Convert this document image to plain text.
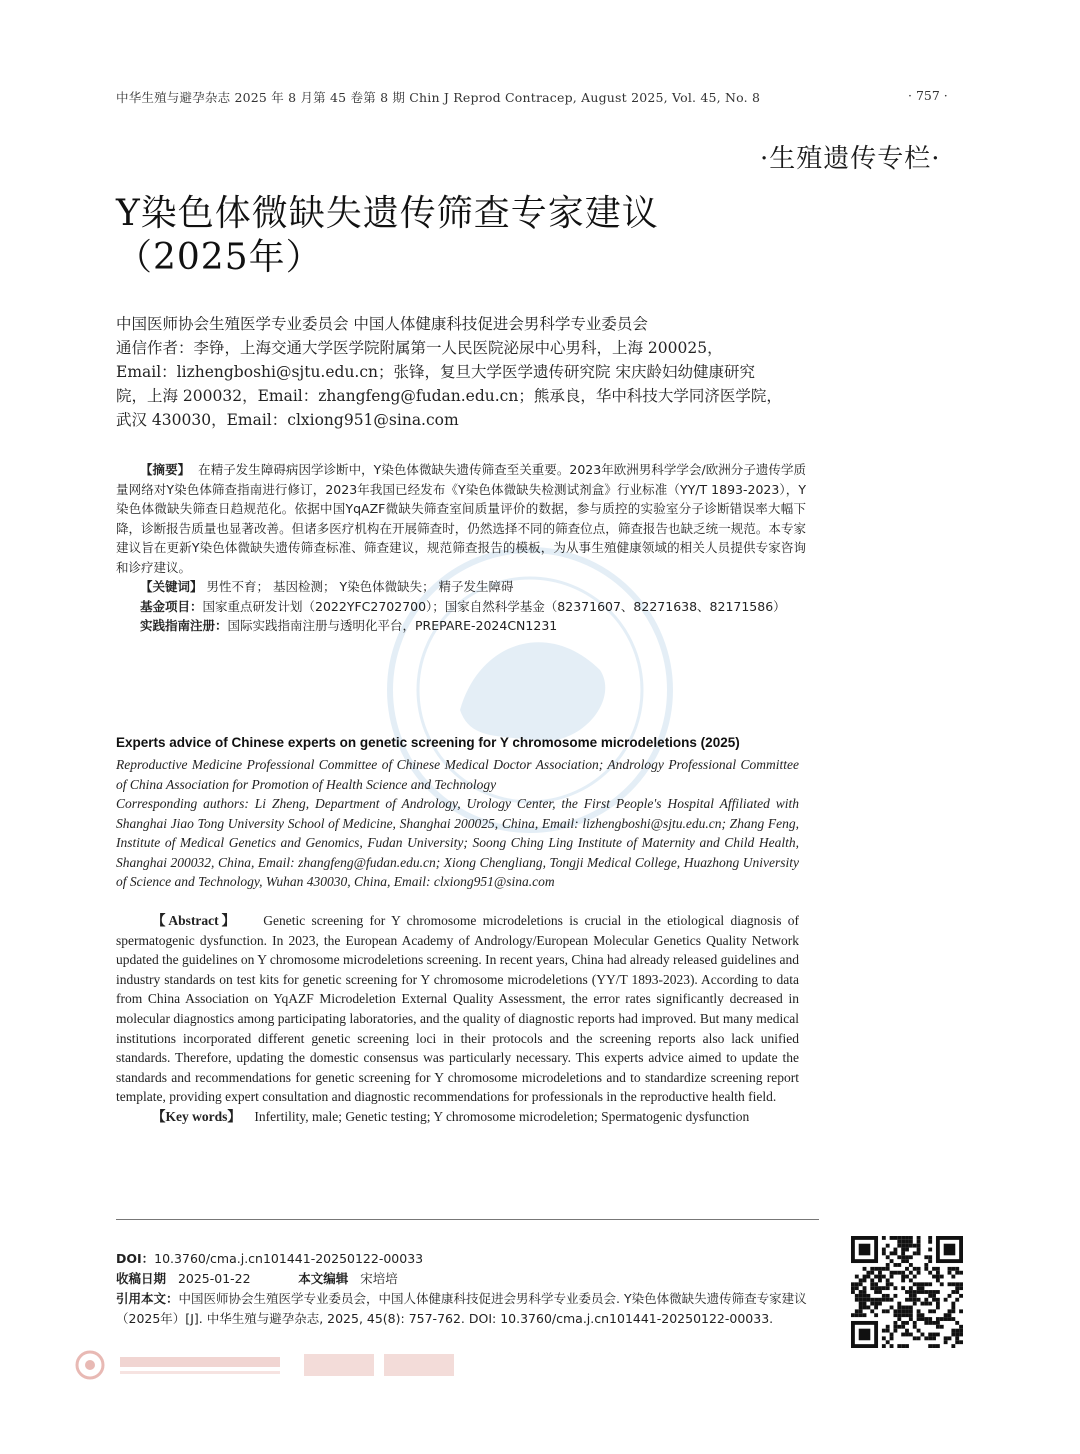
中华生殖与避孕杂志 2025 年 8 月第 45 卷第 8 期 Chin J Reprod Contracep, August 2025, Vol. 45, No. 8	· 757 ·
·生殖遗传专栏·
Y染色体微缺失遗传筛查专家建议
（2025年）
中国医师协会生殖医学专业委员会 中国人体健康科技促进会男科学专业委员会
通信作者：李铮，上海交通大学医学院附属第一人民医院泌尿中心男科，上海 200025，
Email：lizhengboshi@sjtu.edu.cn；张锋，复旦大学医学遗传研究院 宋庆龄妇幼健康研究
院，上海 200032，Email：zhangfeng@fudan.edu.cn；熊承良，华中科技大学同济医学院，
武汉 430030，Email：clxiong951@sina.com

【摘要】 在精子发生障碍病因学诊断中，Y染色体微缺失遗传筛查至关重要。2023年欧洲男科学学会/欧洲分子遗传学质量网络对Y染色体筛查指南进行修订，2023年我国已经发布《Y染色体微缺失检测试剂盒》行业标准（YY/T 1893-2023），Y染色体微缺失筛查日趋规范化。依据中国YqAZF微缺失筛查室间质量评价的数据，参与质控的实验室分子诊断错误率大幅下降，诊断报告质量也显著改善。但诸多医疗机构在开展筛查时，仍然选择不同的筛查位点，筛查报告也缺乏统一规范。本专家建议旨在更新Y染色体微缺失遗传筛查标准、筛查建议，规范筛查报告的模板，为从事生殖健康领域的相关人员提供专家咨询和诊疗建议。

【关键词】 男性不育； 基因检测； Y染色体微缺失； 精子发生障碍
基金项目：国家重点研发计划（2022YFC2702700）；国家自然科学基金（82371607、82271638、82171586）
实践指南注册：国际实践指南注册与透明化平台，PREPARE-2024CN1231
Experts advice of Chinese experts on genetic screening for Y chromosome microdeletions (2025)

Reproductive Medicine Professional Committee of Chinese Medical Doctor Association; Andrology Professional Committee of China Association for Promotion of Health Science and Technology

Corresponding authors: Li Zheng, Department of Andrology, Urology Center, the First People's Hospital Affiliated with Shanghai Jiao Tong University School of Medicine, Shanghai 200025, China, Email: lizhengboshi@sjtu.edu.cn; Zhang Feng, Institute of Medical Genetics and Genomics, Fudan University; Soong Ching Ling Institute of Maternity and Child Health, Shanghai 200032, China, Email: zhangfeng@fudan.edu.cn; Xiong Chengliang, Tongji Medical College, Huazhong University of Science and Technology, Wuhan 430030, China, Email: clxiong951@sina.com

【Abstract】 Genetic screening for Y chromosome microdeletions is crucial in the etiological diagnosis of spermatogenic dysfunction. In 2023, the European Academy of Andrology/European Molecular Genetics Quality Network updated the guidelines on Y chromosome microdeletions screening. In recent years, China had already released guidelines and industry standards on test kits for genetic screening for Y chromosome microdeletions (YY/T 1893-2023). According to data from China Association on YqAZF Microdeletion External Quality Assessment, the error rates significantly decreased in molecular diagnostics among participating laboratories, and the quality of diagnostic reports had improved. But many medical institutions incorporated different genetic screening loci in their protocols and the screening reports also lack unified standards. Therefore, updating the domestic consensus was particularly necessary. This experts advice aimed to update the standards and recommendations for genetic screening for Y chromosome microdeletions and to standardize screening report template, providing expert consultation and diagnostic recommendations for professionals in the reproductive health field.

【Key words】 Infertility, male; Genetic testing; Y chromosome microdeletion; Spermatogenic dysfunction

DOI：10.3760/cma.j.cn101441-20250122-00033
收稿日期 2025-01-22	本文编辑 宋培培
引用本文：中国医师协会生殖医学专业委员会，中国人体健康科技促进会男科学专业委员会. Y染色体微缺失遗传筛查专家建议（2025年）[J]. 中华生殖与避孕杂志, 2025, 45(8): 757-762. DOI: 10.3760/cma.j.cn101441-20250122-00033.
